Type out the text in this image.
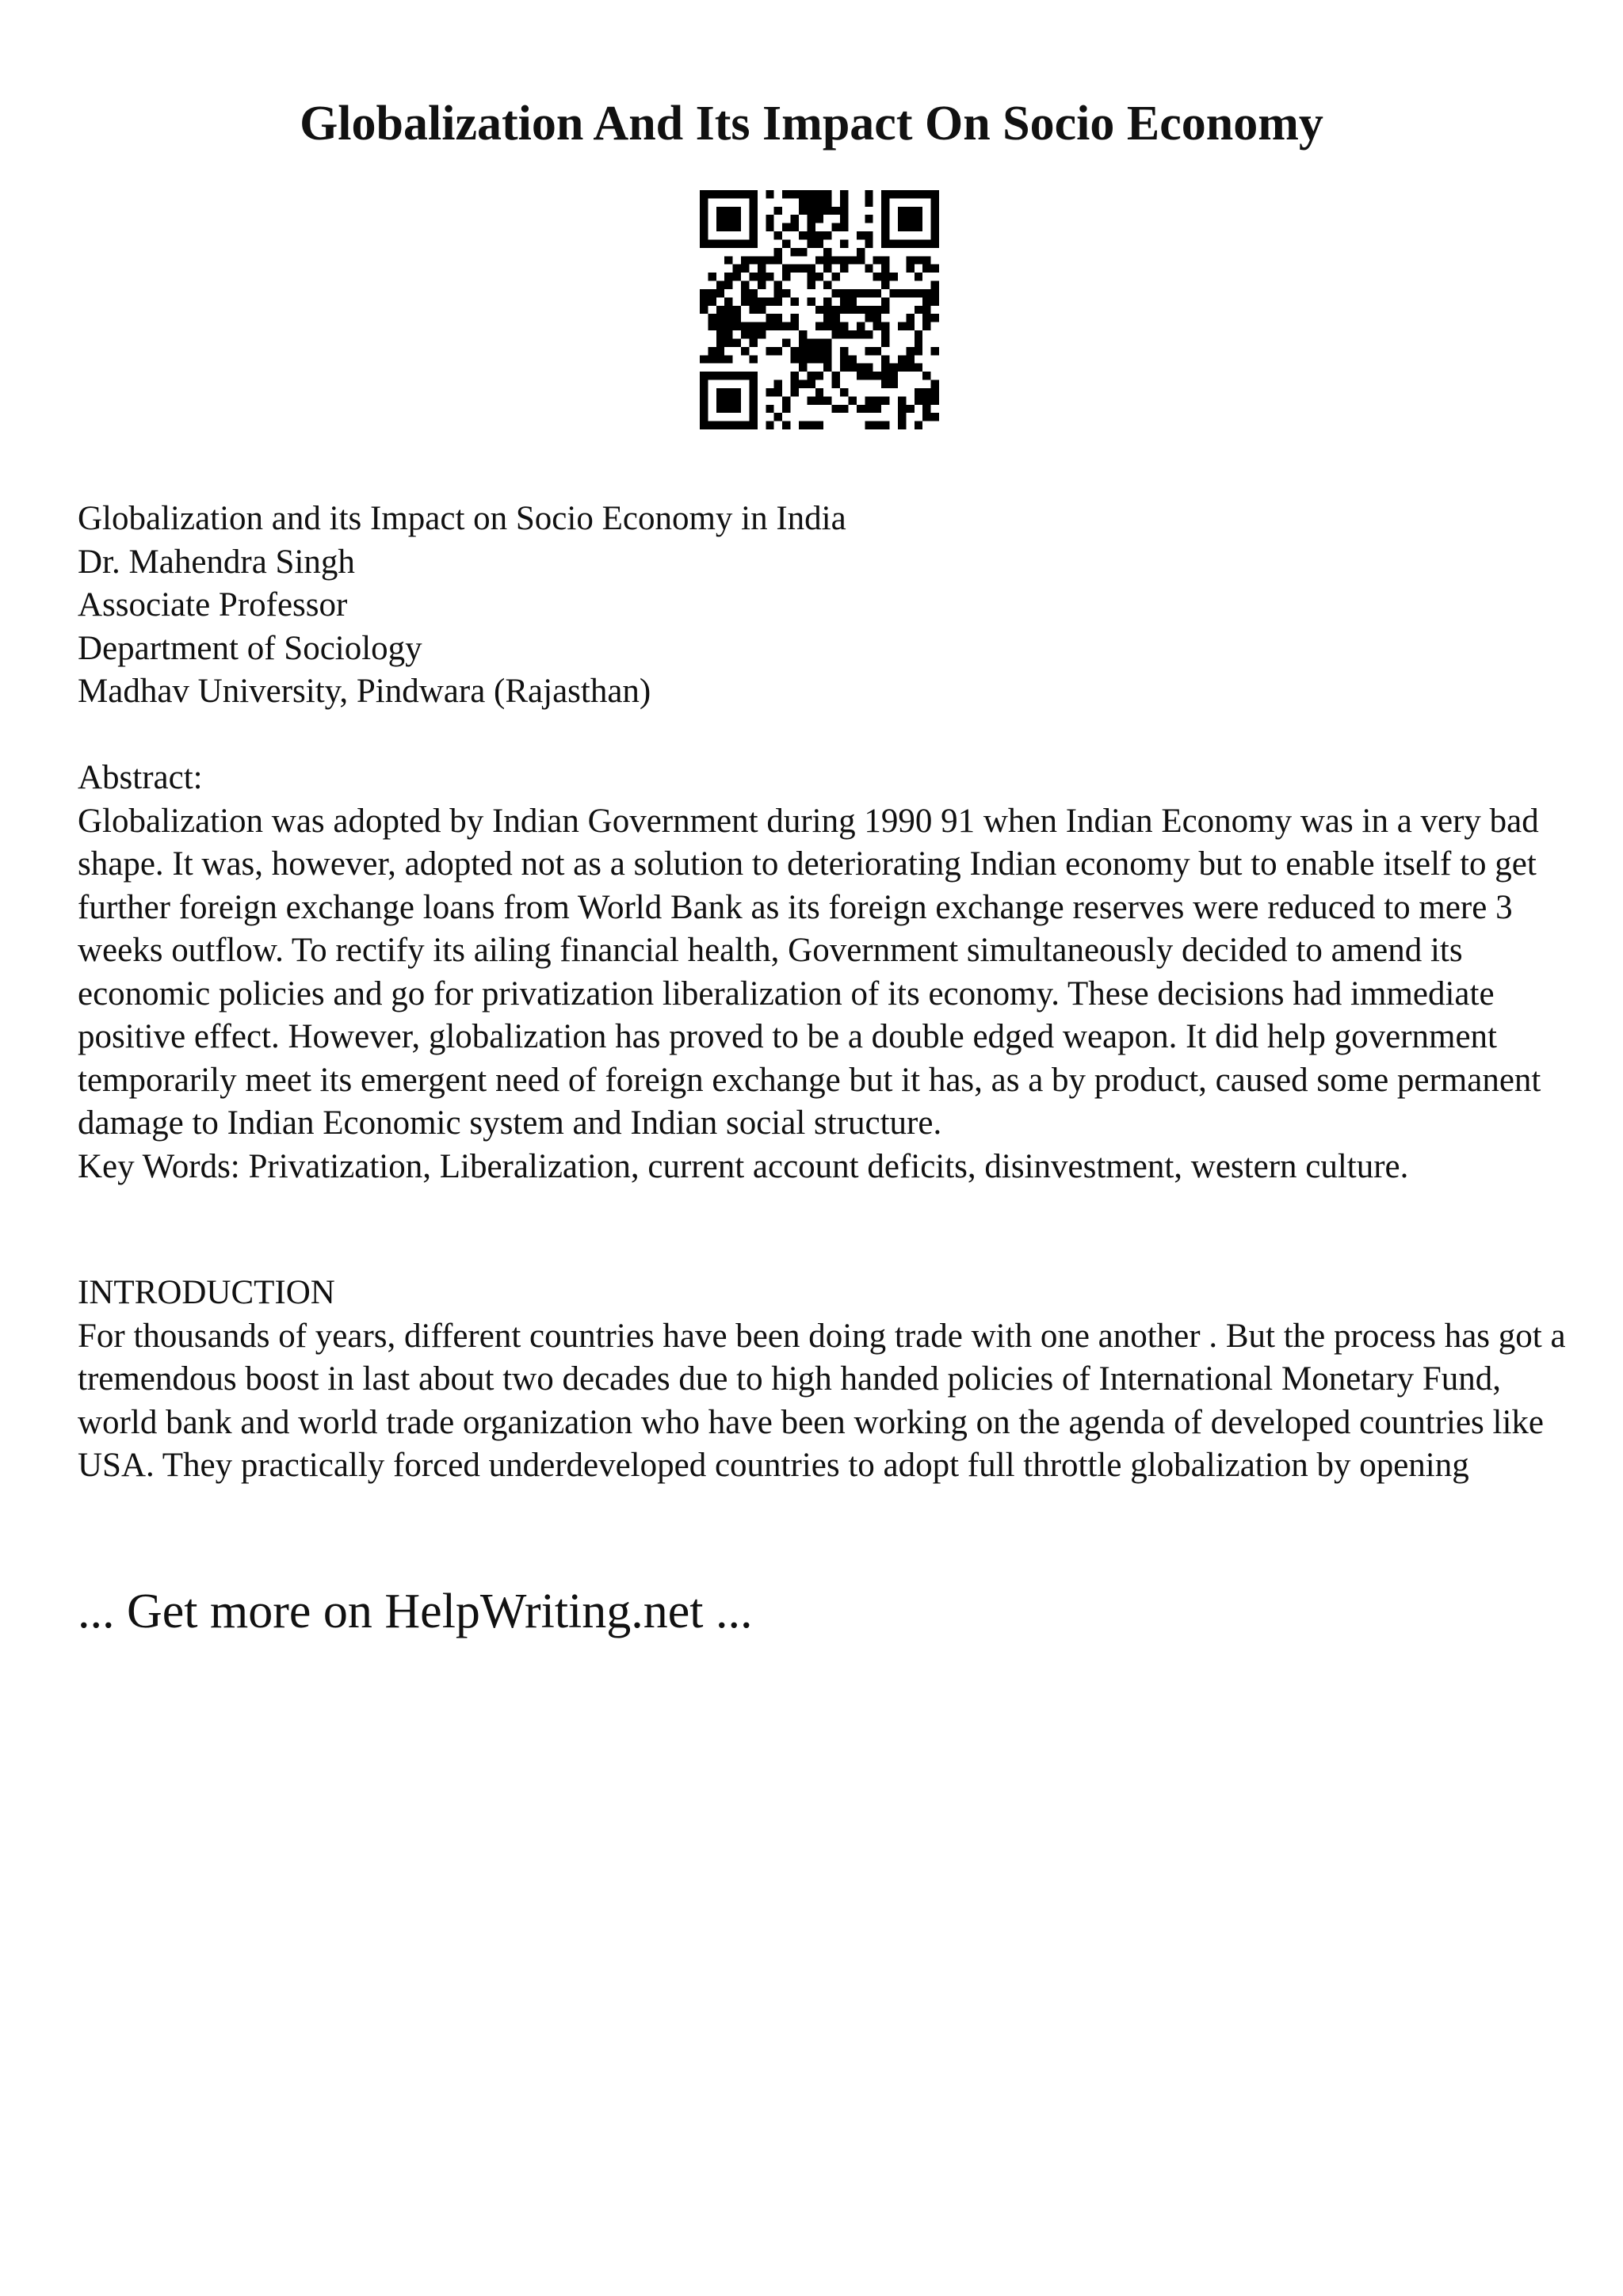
Globalization And Its Impact On Socio Economy

Globalization and its Impact on Socio Economy in India

Dr. Mahendra Singh

Associate Professor

Department of Sociology

Madhav University, Pindwara (Rajasthan)

Abstract:

Globalization was adopted by Indian Government during 1990 91 when Indian Economy was in a very bad shape. It was, however, adopted not as a solution to deteriorating Indian economy but to enable itself to get further foreign exchange loans from World Bank as its foreign exchange reserves were reduced to mere 3 weeks outflow. To rectify its ailing financial health, Government simultaneously decided to amend its economic policies and go for privatization liberalization of its economy. These decisions had immediate positive effect. However, globalization has proved to be a double edged weapon. It did help government temporarily meet its emergent need of foreign exchange but it has, as a by product, caused some permanent damage to Indian Economic system and Indian social structure.

Key Words: Privatization, Liberalization, current account deficits, disinvestment, western culture.

INTRODUCTION

For thousands of years, different countries have been doing trade with one another . But the process has got a tremendous boost in last about two decades due to high handed policies of International Monetary Fund, world bank and world trade organization who have been working on the agenda of developed countries like USA. They practically forced underdeveloped countries to adopt full throttle globalization by opening

... Get more on HelpWriting.net ...
